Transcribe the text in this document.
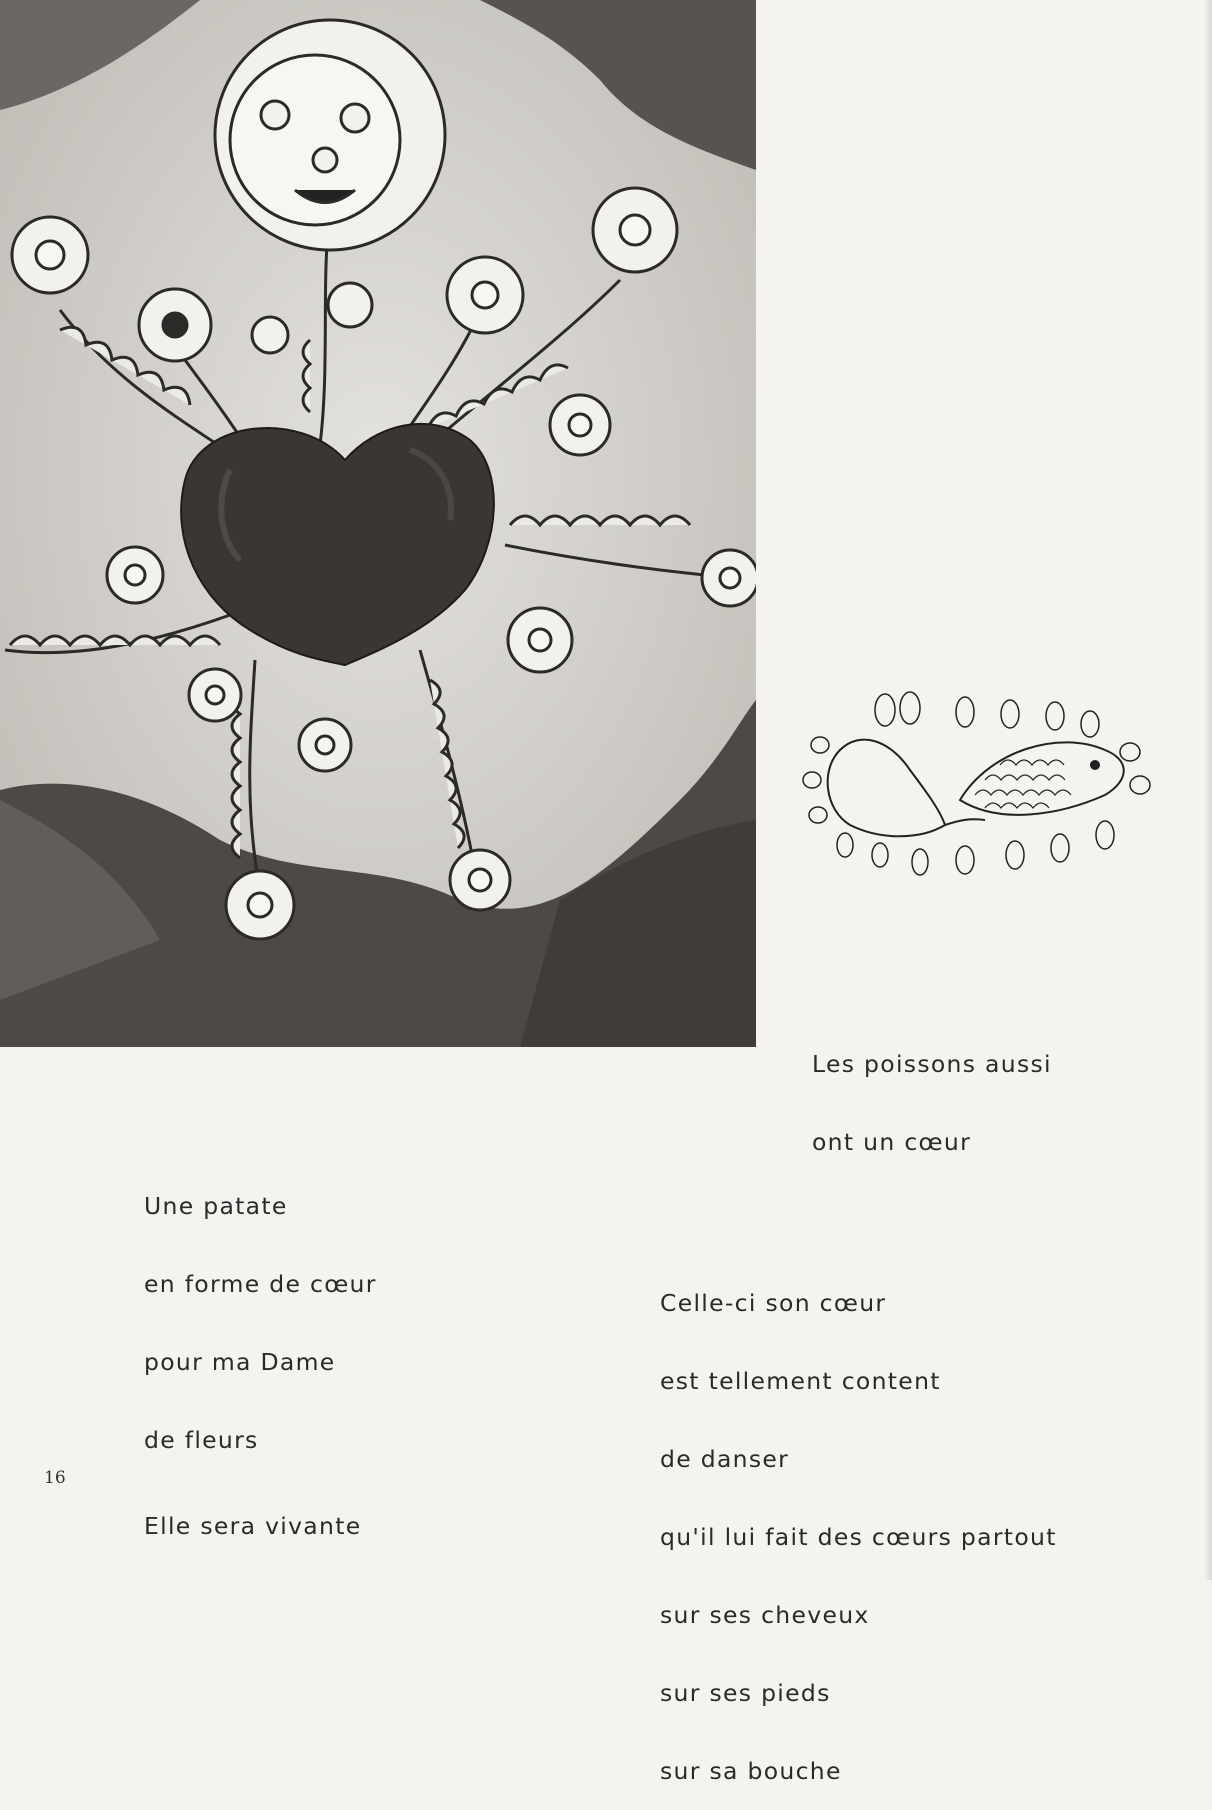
Les poissons aussi

ont un cœur

Une patate

en forme de cœur

pour ma Dame

de fleurs

Elle sera vivante

Celle-ci son cœur

est tellement content

de danser

qu'il lui fait des cœurs partout

sur ses cheveux

sur ses pieds

sur sa bouche

16
